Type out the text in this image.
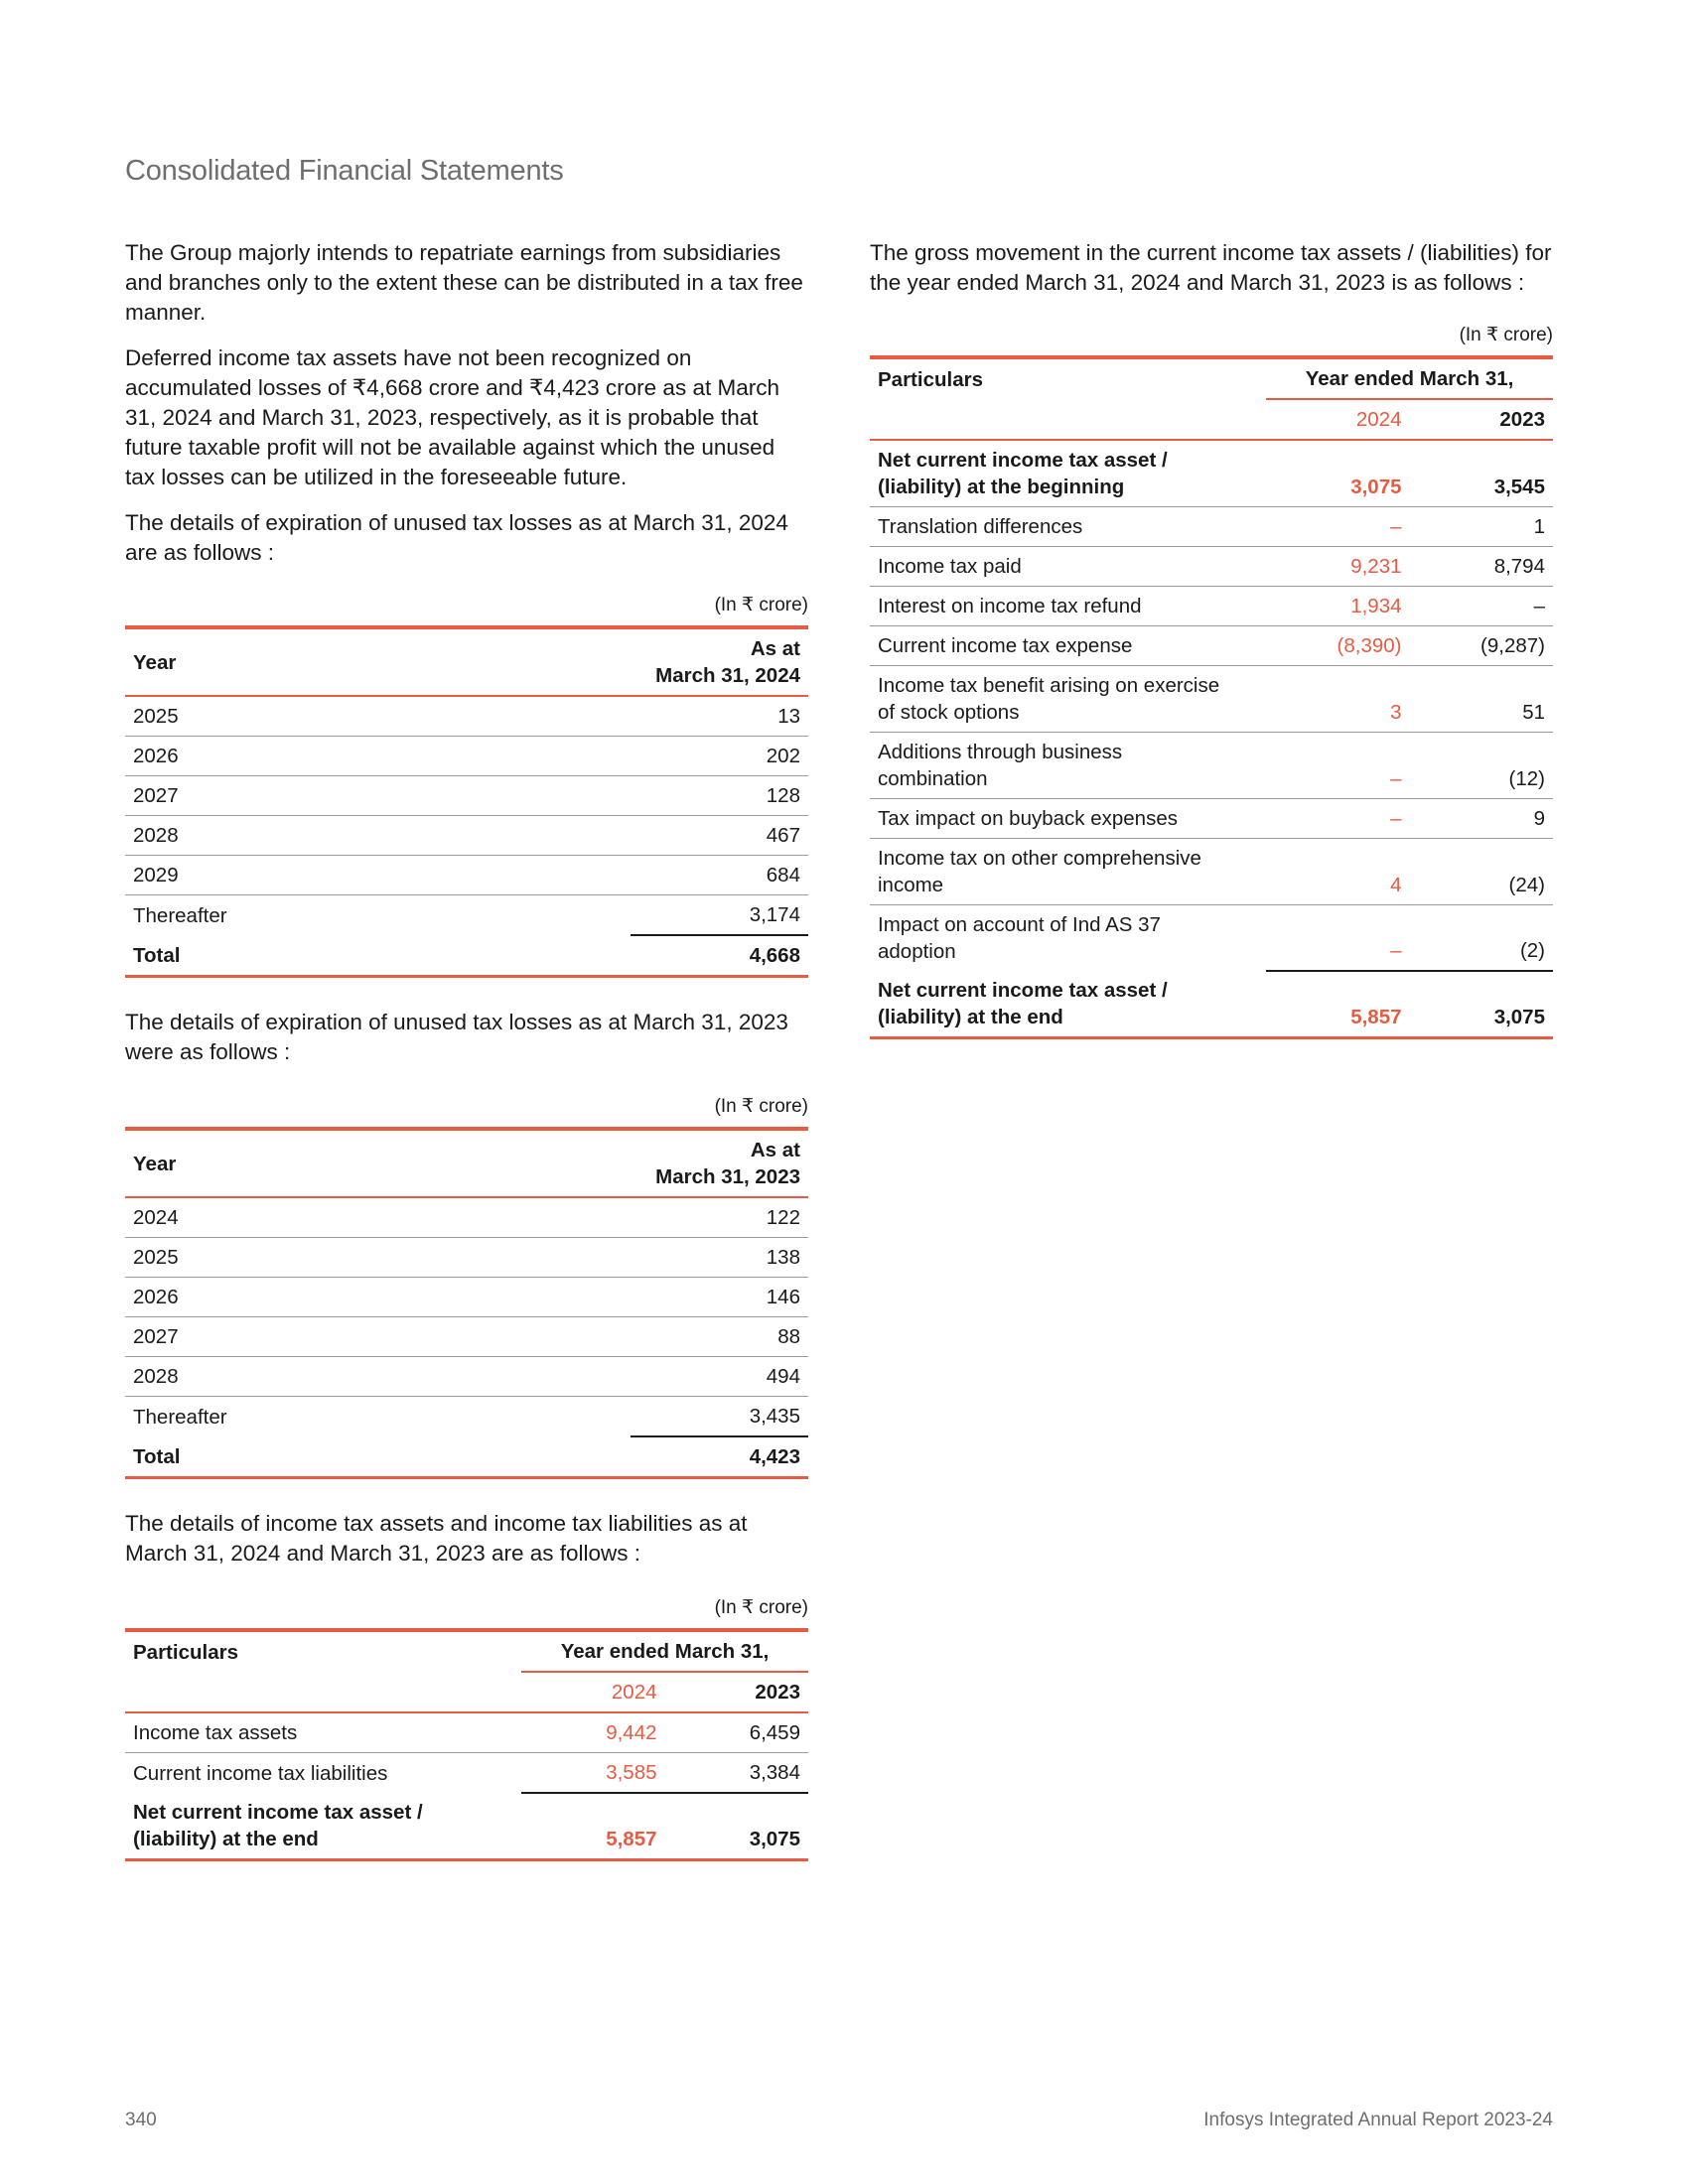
Consolidated Financial Statements

The Group majorly intends to repatriate earnings from subsidiaries and branches only to the extent these can be distributed in a tax free manner.

Deferred income tax assets have not been recognized on accumulated losses of ₹4,668 crore and ₹4,423 crore as at March 31, 2024 and March 31, 2023, respectively, as it is probable that future taxable profit will not be available against which the unused tax losses can be utilized in the foreseeable future.

The details of expiration of unused tax losses as at March 31, 2024 are as follows :

(In ₹ crore)
Year	As at
March 31, 2024
2025	13
2026	202
2027	128
2028	467
2029	684
Thereafter	3,174
Total	4,668

The details of expiration of unused tax losses as at March 31, 2023 were as follows :

(In ₹ crore)
Year	As at
March 31, 2023
2024	122
2025	138
2026	146
2027	88
2028	494
Thereafter	3,435
Total	4,423

The details of income tax assets and income tax liabilities as at March 31, 2024 and March 31, 2023 are as follows :

(In ₹ crore)
Particulars	Year ended March 31,	
	2024	2023
Income tax assets	9,442	6,459
Current income tax liabilities	3,585	3,384
Net current income tax asset /
(liability) at the end	5,857	3,075

The gross movement in the current income tax assets / (liabilities) for the year ended March 31, 2024 and March 31, 2023 is as follows :

(In ₹ crore)
Particulars	Year ended March 31,	
	2024	2023
Net current income tax asset /
(liability) at the beginning	3,075	3,545
Translation differences	–	1
Income tax paid	9,231	8,794
Interest on income tax refund	1,934	–
Current income tax expense	(8,390)	(9,287)
Income tax benefit arising on exercise
of stock options	3	51
Additions through business
combination	–	(12)
Tax impact on buyback expenses	–	9
Income tax on other comprehensive
income	4	(24)
Impact on account of Ind AS 37
adoption	–	(2)
Net current income tax asset /
(liability) at the end	5,857	3,075
340	Infosys Integrated Annual Report 2023-24
